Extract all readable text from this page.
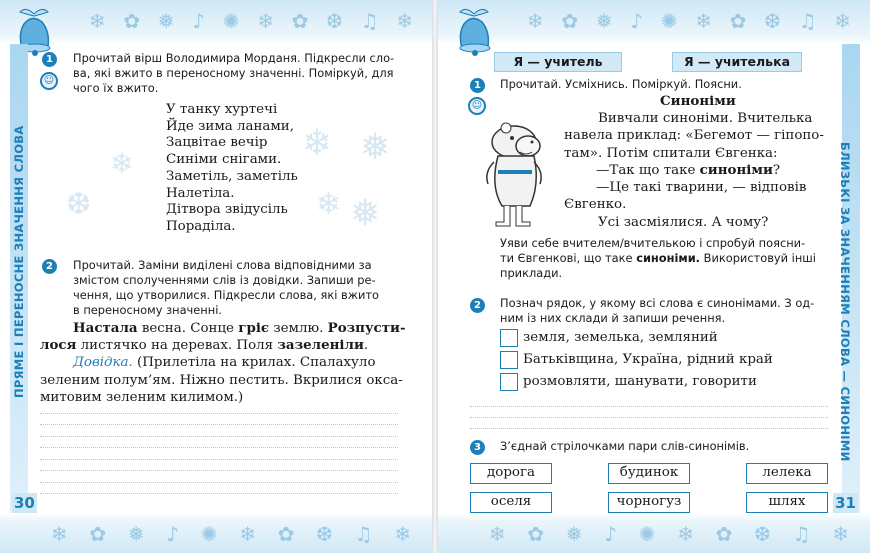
❄ ✿ ❅ ♪ ✺ ❄ ✿ ❆ ♫ ❄
❄ ✿ ❅ ♪ ✺ ❄ ✿ ❆ ♫ ❄
❄ ❅
❄
❆	❄ ❅
1
☺
Прочитай вірш Володимира Морданя. Підкресли сло-
ва, які вжито в переносному значенні. Поміркуй, для
чого їх вжито.
У танку хуртечі
Йде зима ланами,
Зацвітае вечір
Синіми снігами.
Заметіль, заметіль
Налетіла.
Дітвора звідусіль
Пораділа.
2	Прочитай. Заміни виділені слова відповідними за
змістом сполученнями слів із довідки. Запиши ре-
чення, що утворилися. Підкресли слова, які вжито
в переносному значенні.
Настала весна. Сонце гріє землю. Розпусти-
лося листячко на деревах. Поля зазеленіли.
Довідка. (Прилетіла на крилах. Спалахуло
зеленим полум’ям. Ніжно пестить. Вкрилися окса-
митовим зеленим килимом.)
30
❄ ✿ ❅ ♪ ✺ ❄ ✿ ❆ ♫ ❄
❄ ✿ ❅ ♪ ✺ ❄ ✿ ❆ ♫ ❄
31
Я — учитель	Я — учителька
1
☺
Прочитай. Усміхнись. Поміркуй. Поясни.
Синоніми
Вивчали синоніми. Вчителька
навела приклад: «Бегемот — гіпопо-
там». Потім спитали Євгенка:
—Так що таке синоніми?
—Це такі тварини, — відповів
Євгенко.
Усі засміялися. А чому?
Уяви себе вчителем/вчителькою і спробуй поясни-
ти Євгенкові, що таке синоніми. Використовуй інші
приклади.
2	Познач рядок, у якому всі слова є синонімами. З од-
ним із них склади й запиши речення.
земля, земелька, земляний
Батьківщина, Україна, рідний край
розмовляти, шанувати, говорити
3	З’єднай стрілочками пари слів-синонімів.
дорога	будинок	лелека
оселя	чорногуз	шлях
ПРЯМЕ І ПЕРЕНОСНЕ ЗНАЧЕННЯ СЛОВА	БЛИЗЬКІ ЗА ЗНАЧЕННЯМ СЛОВА — СИНОНІМИ
